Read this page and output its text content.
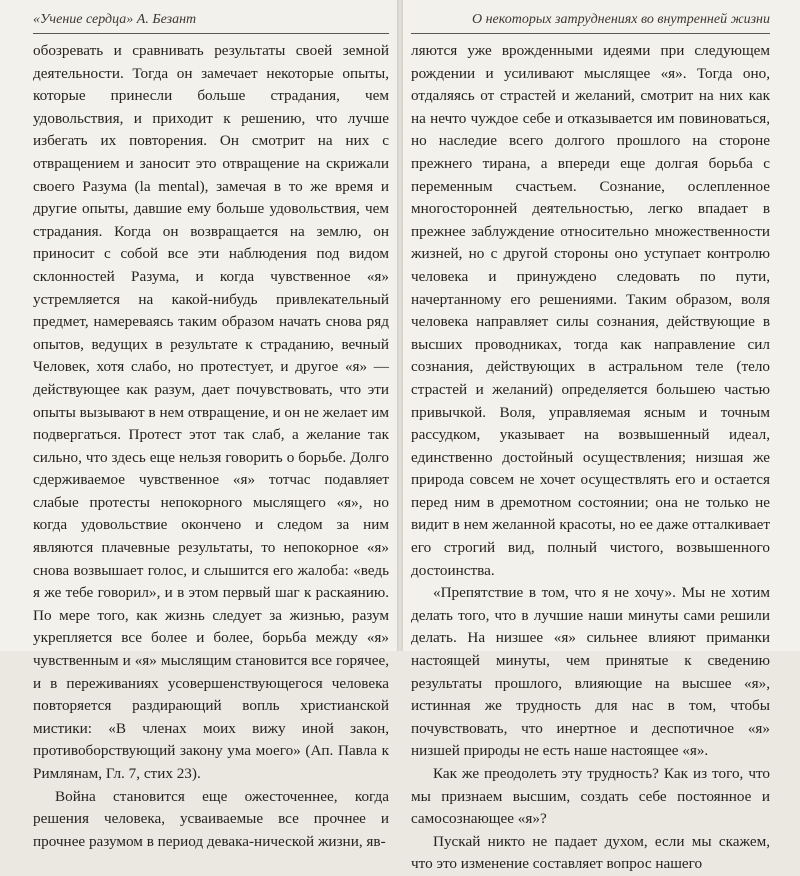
«Учение сердца» А. Безант

обозревать и сравнивать результаты своей земной деятельности. Тогда он замечает некоторые опыты, которые принесли больше страдания, чем удовольствия, и приходит к решению, что лучше избегать их повторения. Он смотрит на них с отвращением и заносит это отвращение на скрижали своего Разума (la mental), замечая в то же время и другие опыты, давшие ему больше удовольствия, чем страдания. Когда он возвращается на землю, он приносит с собой все эти наблюдения под видом склонностей Разума, и когда чувственное «я» устремляется на какой-нибудь привлекательный предмет, намереваясь таким образом начать снова ряд опытов, ведущих в результате к страданию, вечный Человек, хотя слабо, но протестует, и другое «я» — действующее как разум, дает почувствовать, что эти опыты вызывают в нем отвращение, и он не желает им подвергаться. Протест этот так слаб, а желание так сильно, что здесь еще нельзя говорить о борьбе. Долго сдерживаемое чувственное «я» тотчас подавляет слабые протесты непокорного мыслящего «я», но когда удовольствие окончено и следом за ним являются плачевные результаты, то непокорное «я» снова возвышает голос, и слышится его жалоба: «ведь я же тебе говорил», и в этом первый шаг к раскаянию. По мере того, как жизнь следует за жизнью, разум укрепляется все более и более, борьба между «я» чувственным и «я» мыслящим становится все горячее, и в переживаниях усовершенствующегося человека повторяется раздирающий вопль христианской мистики: «В членах моих вижу иной закон, противоборствующий закону ума моего» (Ап. Павла к Римлянам, Гл. 7, стих 23).

Война становится еще ожесточеннее, когда решения человека, усваиваемые все прочнее и прочнее разумом в период девака-нической жизни, яв-

О некоторых затруднениях во внутренней жизни

ляются уже врожденными идеями при следующем рождении и усиливают мыслящее «я». Тогда оно, отдаляясь от страстей и желаний, смотрит на них как на нечто чуждое себе и отказывается им повиноваться, но наследие всего долгого прошлого на стороне прежнего тирана, а впереди еще долгая борьба с переменным счастьем. Сознание, ослепленное многосторонней деятельностью, легко впадает в прежнее заблуждение относительно множественности жизней, но с другой стороны оно уступает контролю человека и принуждено следовать по пути, начертанному его решениями. Таким образом, воля человека направляет силы сознания, действующие в высших проводниках, тогда как направление сил сознания, действующих в астральном теле (тело страстей и желаний) определяется большею частью привычкой. Воля, управляемая ясным и точным рассудком, указывает на возвышенный идеал, единственно достойный осуществления; низшая же природа совсем не хочет осуществлять его и остается перед ним в дремотном состоянии; она не только не видит в нем желанной красоты, но ее даже отталкивает его строгий вид, полный чистого, возвышенного достоинства.

«Препятствие в том, что я не хочу». Мы не хотим делать того, что в лучшие наши минуты сами решили делать. На низшее «я» сильнее влияют приманки настоящей минуты, чем принятые к сведению результаты прошлого, влияющие на высшее «я», истинная же трудность для нас в том, чтобы почувствовать, что инертное и деспотичное «я» низшей природы не есть наше настоящее «я».

Как же преодолеть эту трудность? Как из того, что мы признаем высшим, создать себе постоянное и самосознающее «я»?

Пускай никто не падает духом, если мы скажем, что это изменение составляет вопрос нашего
